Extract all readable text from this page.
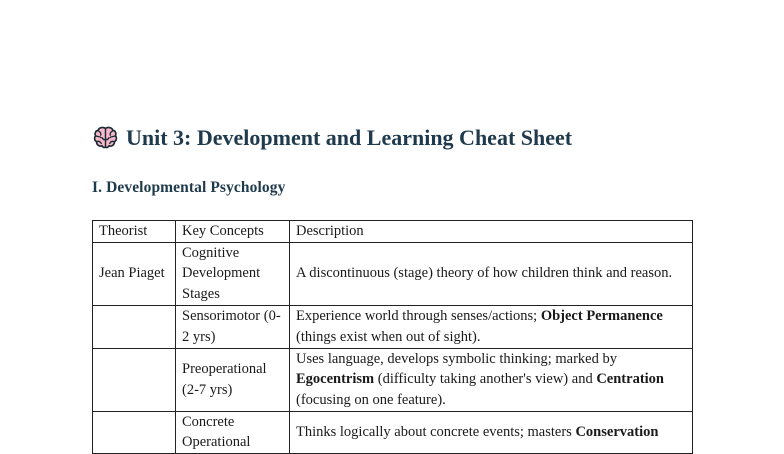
Unit 3: Development and Learning Cheat Sheet
I. Developmental Psychology
Theorist	Key Concepts	Description
Jean Piaget	Cognitive Development Stages	A discontinuous (stage) theory of how children think and reason.
	Sensorimotor (0-2 yrs)	Experience world through senses/actions; Object Permanence (things exist when out of sight).
	Preoperational (2-7 yrs)	Uses language, develops symbolic thinking; marked by Egocentrism (difficulty taking another's view) and Centration (focusing on one feature).
	Concrete Operational	Thinks logically about concrete events; masters Conservation
